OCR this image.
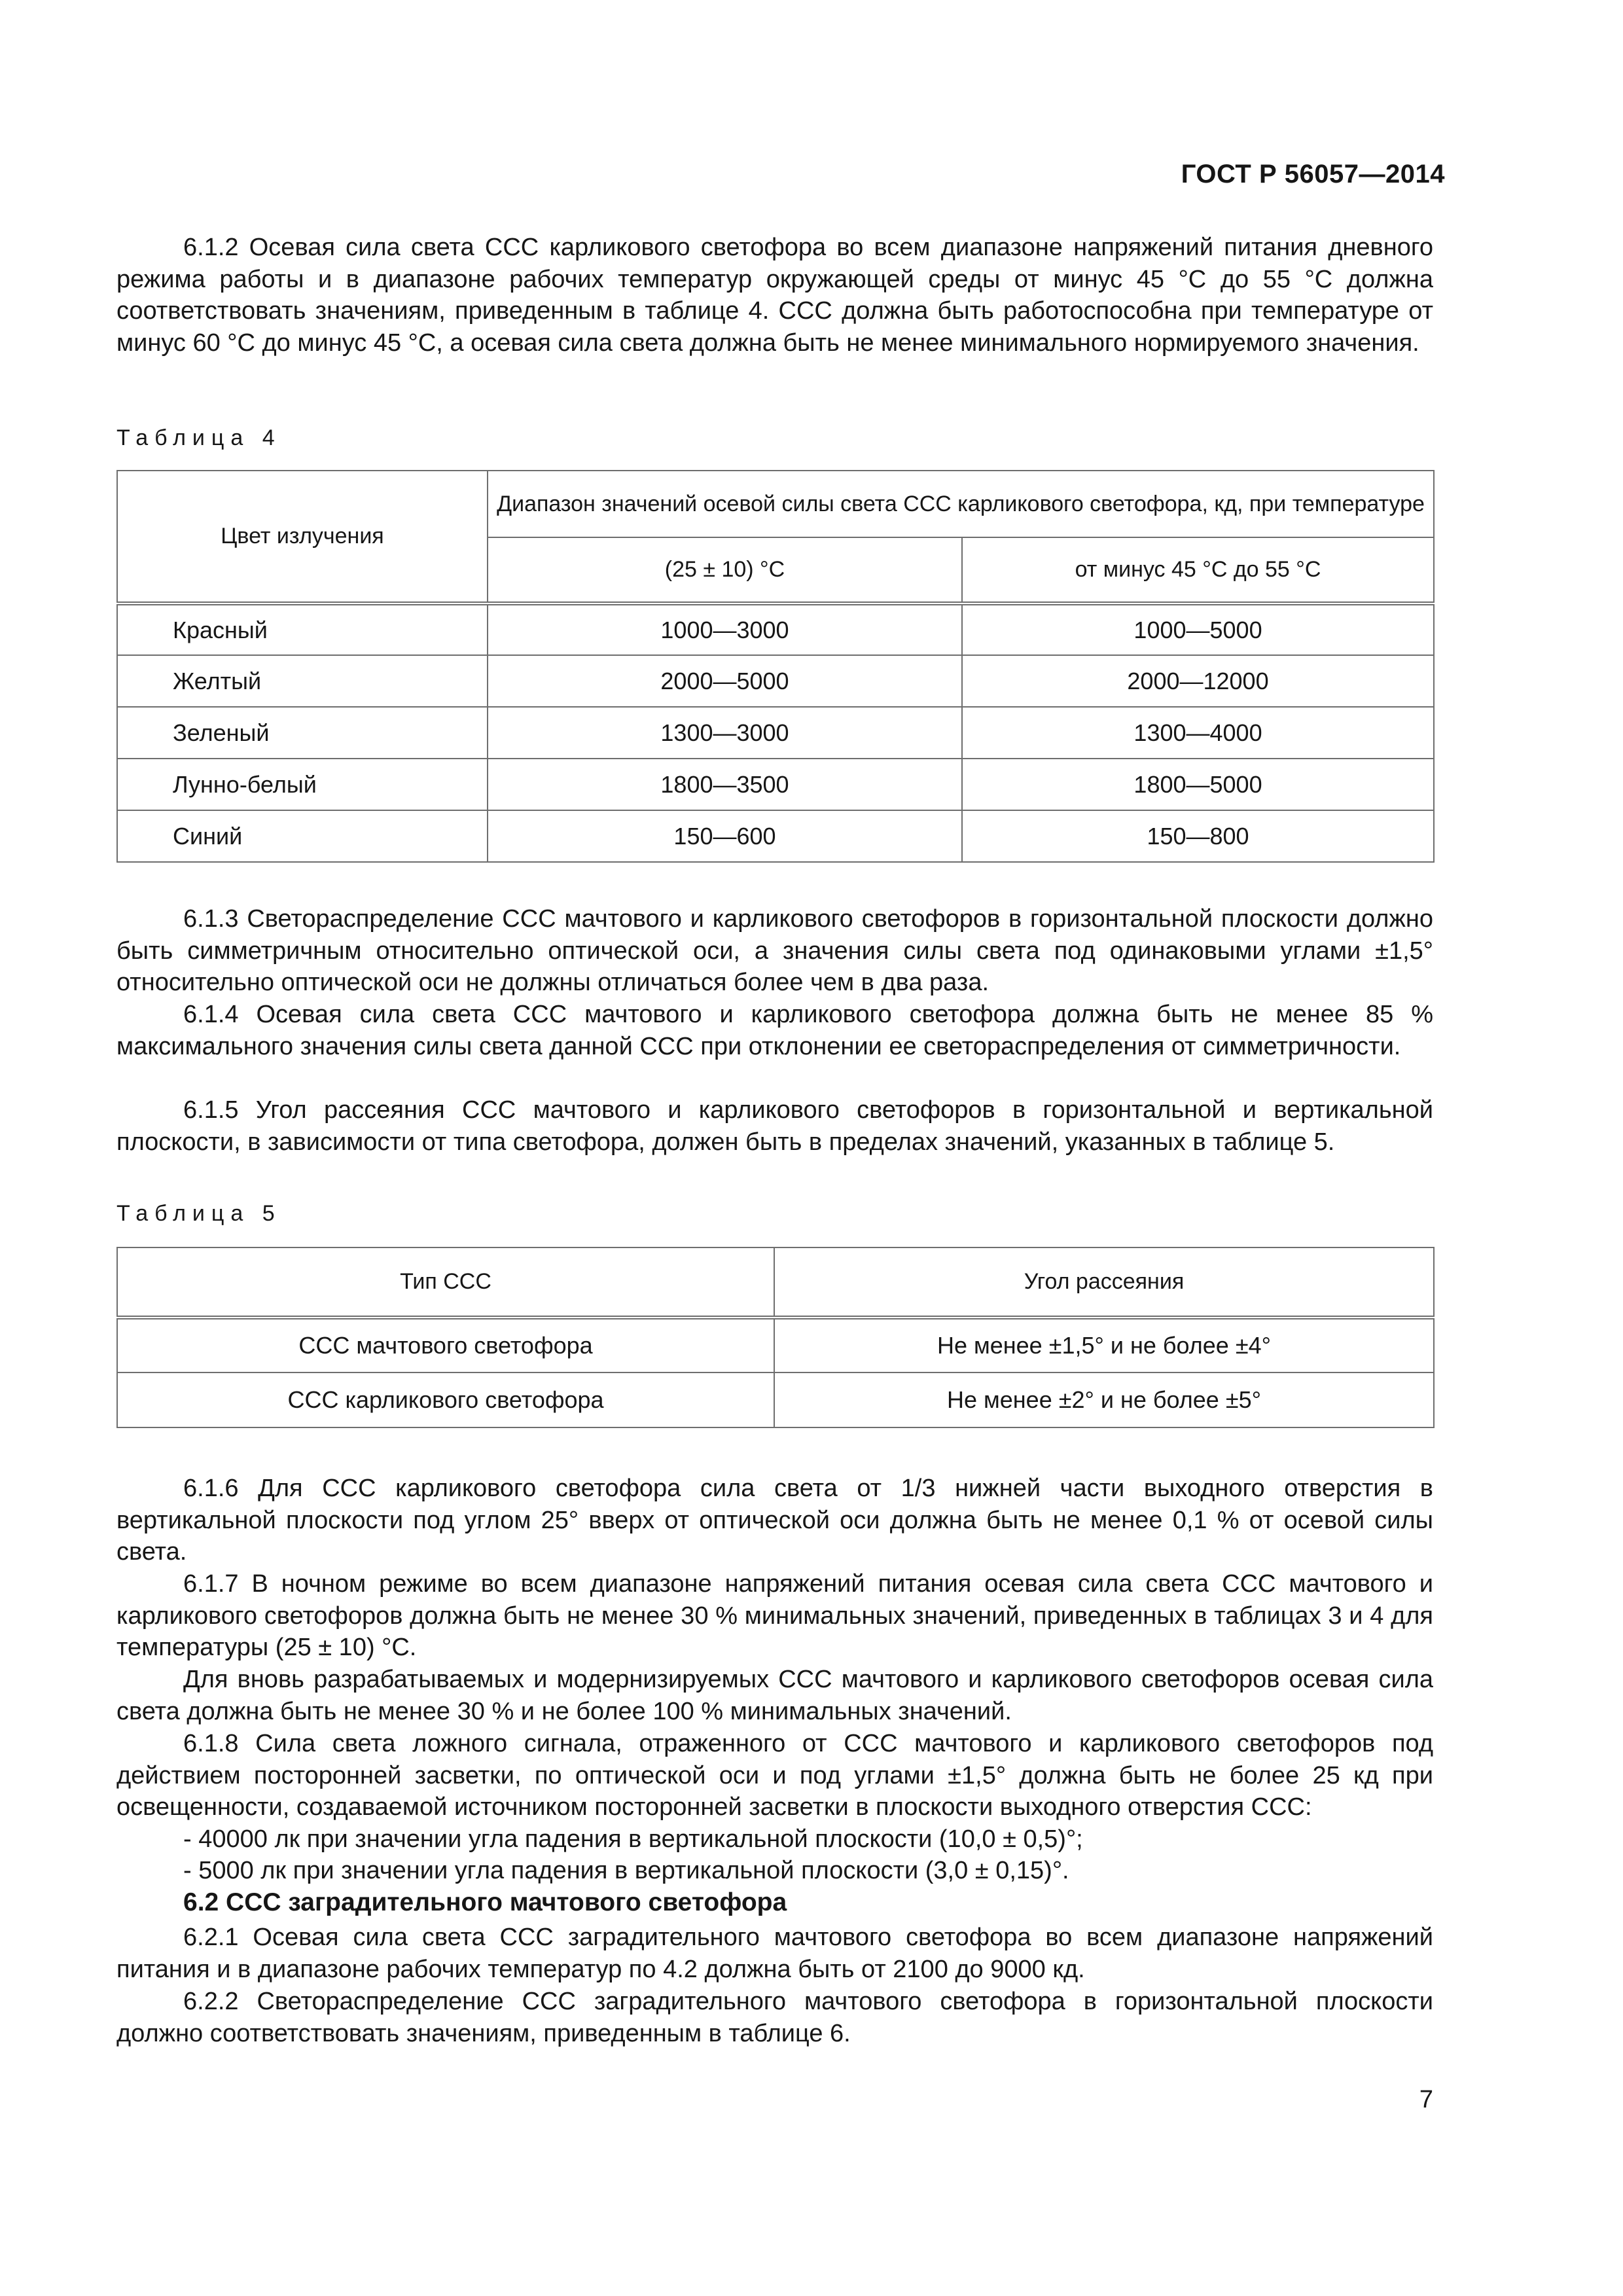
ГОСТ Р 56057—2014
6.1.2 Осевая сила света ССС карликового светофора во всем диапазоне напряжений питания дневного режима работы и в диапазоне рабочих температур окружающей среды от минус 45 °С до 55 °С должна соответствовать значениям, приведенным в таблице 4. ССС должна быть работоспособна при температуре от минус 60 °С до минус 45 °С, а осевая сила света должна быть не менее минимального нормируемого значения.
Таблица 4
Цвет излучения	Диапазон значений осевой силы света ССС карликового светофора, кд, при температуре	
	(25 ± 10) °С	от минус 45 °С до 55 °С
Красный	1000—3000	1000—5000
Желтый	2000—5000	2000—12000
Зеленый	1300—3000	1300—4000
Лунно-белый	1800—3500	1800—5000
Синий	150—600	150—800
6.1.3 Светораспределение ССС мачтового и карликового светофоров в горизонтальной плоскости должно быть симметричным относительно оптической оси, а значения силы света под одинаковыми углами ±1,5° относительно оптической оси не должны отличаться более чем в два раза.
6.1.4 Осевая сила света ССС мачтового и карликового светофора должна быть не менее 85 % максимального значения силы света данной ССС при отклонении ее светораспределения от симметричности.
6.1.5 Угол рассеяния ССС мачтового и карликового светофоров в горизонтальной и вертикальной плоскости, в зависимости от типа светофора, должен быть в пределах значений, указанных в таблице 5.
Таблица 5
Тип ССС	Угол рассеяния
ССС мачтового светофора	Не менее ±1,5° и не более ±4°
ССС карликового светофора	Не менее ±2° и не более ±5°
6.1.6 Для ССС карликового светофора сила света от 1/3 нижней части выходного отверстия в вертикальной плоскости под углом 25° вверх от оптической оси должна быть не менее 0,1 % от осевой силы света.
6.1.7 В ночном режиме во всем диапазоне напряжений питания осевая сила света ССС мачтового и карликового светофоров должна быть не менее 30 % минимальных значений, приведенных в таблицах 3 и 4 для температуры (25 ± 10) °С.
Для вновь разрабатываемых и модернизируемых ССС мачтового и карликового светофоров осевая сила света должна быть не менее 30 % и не более 100 % минимальных значений.
6.1.8 Сила света ложного сигнала, отраженного от ССС мачтового и карликового светофоров под действием посторонней засветки, по оптической оси и под углами ±1,5° должна быть не более 25 кд при освещенности, создаваемой источником посторонней засветки в плоскости выходного отверстия ССС:
- 40000 лк при значении угла падения в вертикальной плоскости (10,0 ± 0,5)°;
- 5000 лк при значении угла падения в вертикальной плоскости (3,0 ± 0,15)°.
6.2 ССС заградительного мачтового светофора
6.2.1 Осевая сила света ССС заградительного мачтового светофора во всем диапазоне напряжений питания и в диапазоне рабочих температур по 4.2 должна быть от 2100 до 9000 кд.
6.2.2 Светораспределение ССС заградительного мачтового светофора в горизонтальной плоскости должно соответствовать значениям, приведенным в таблице 6.
7
